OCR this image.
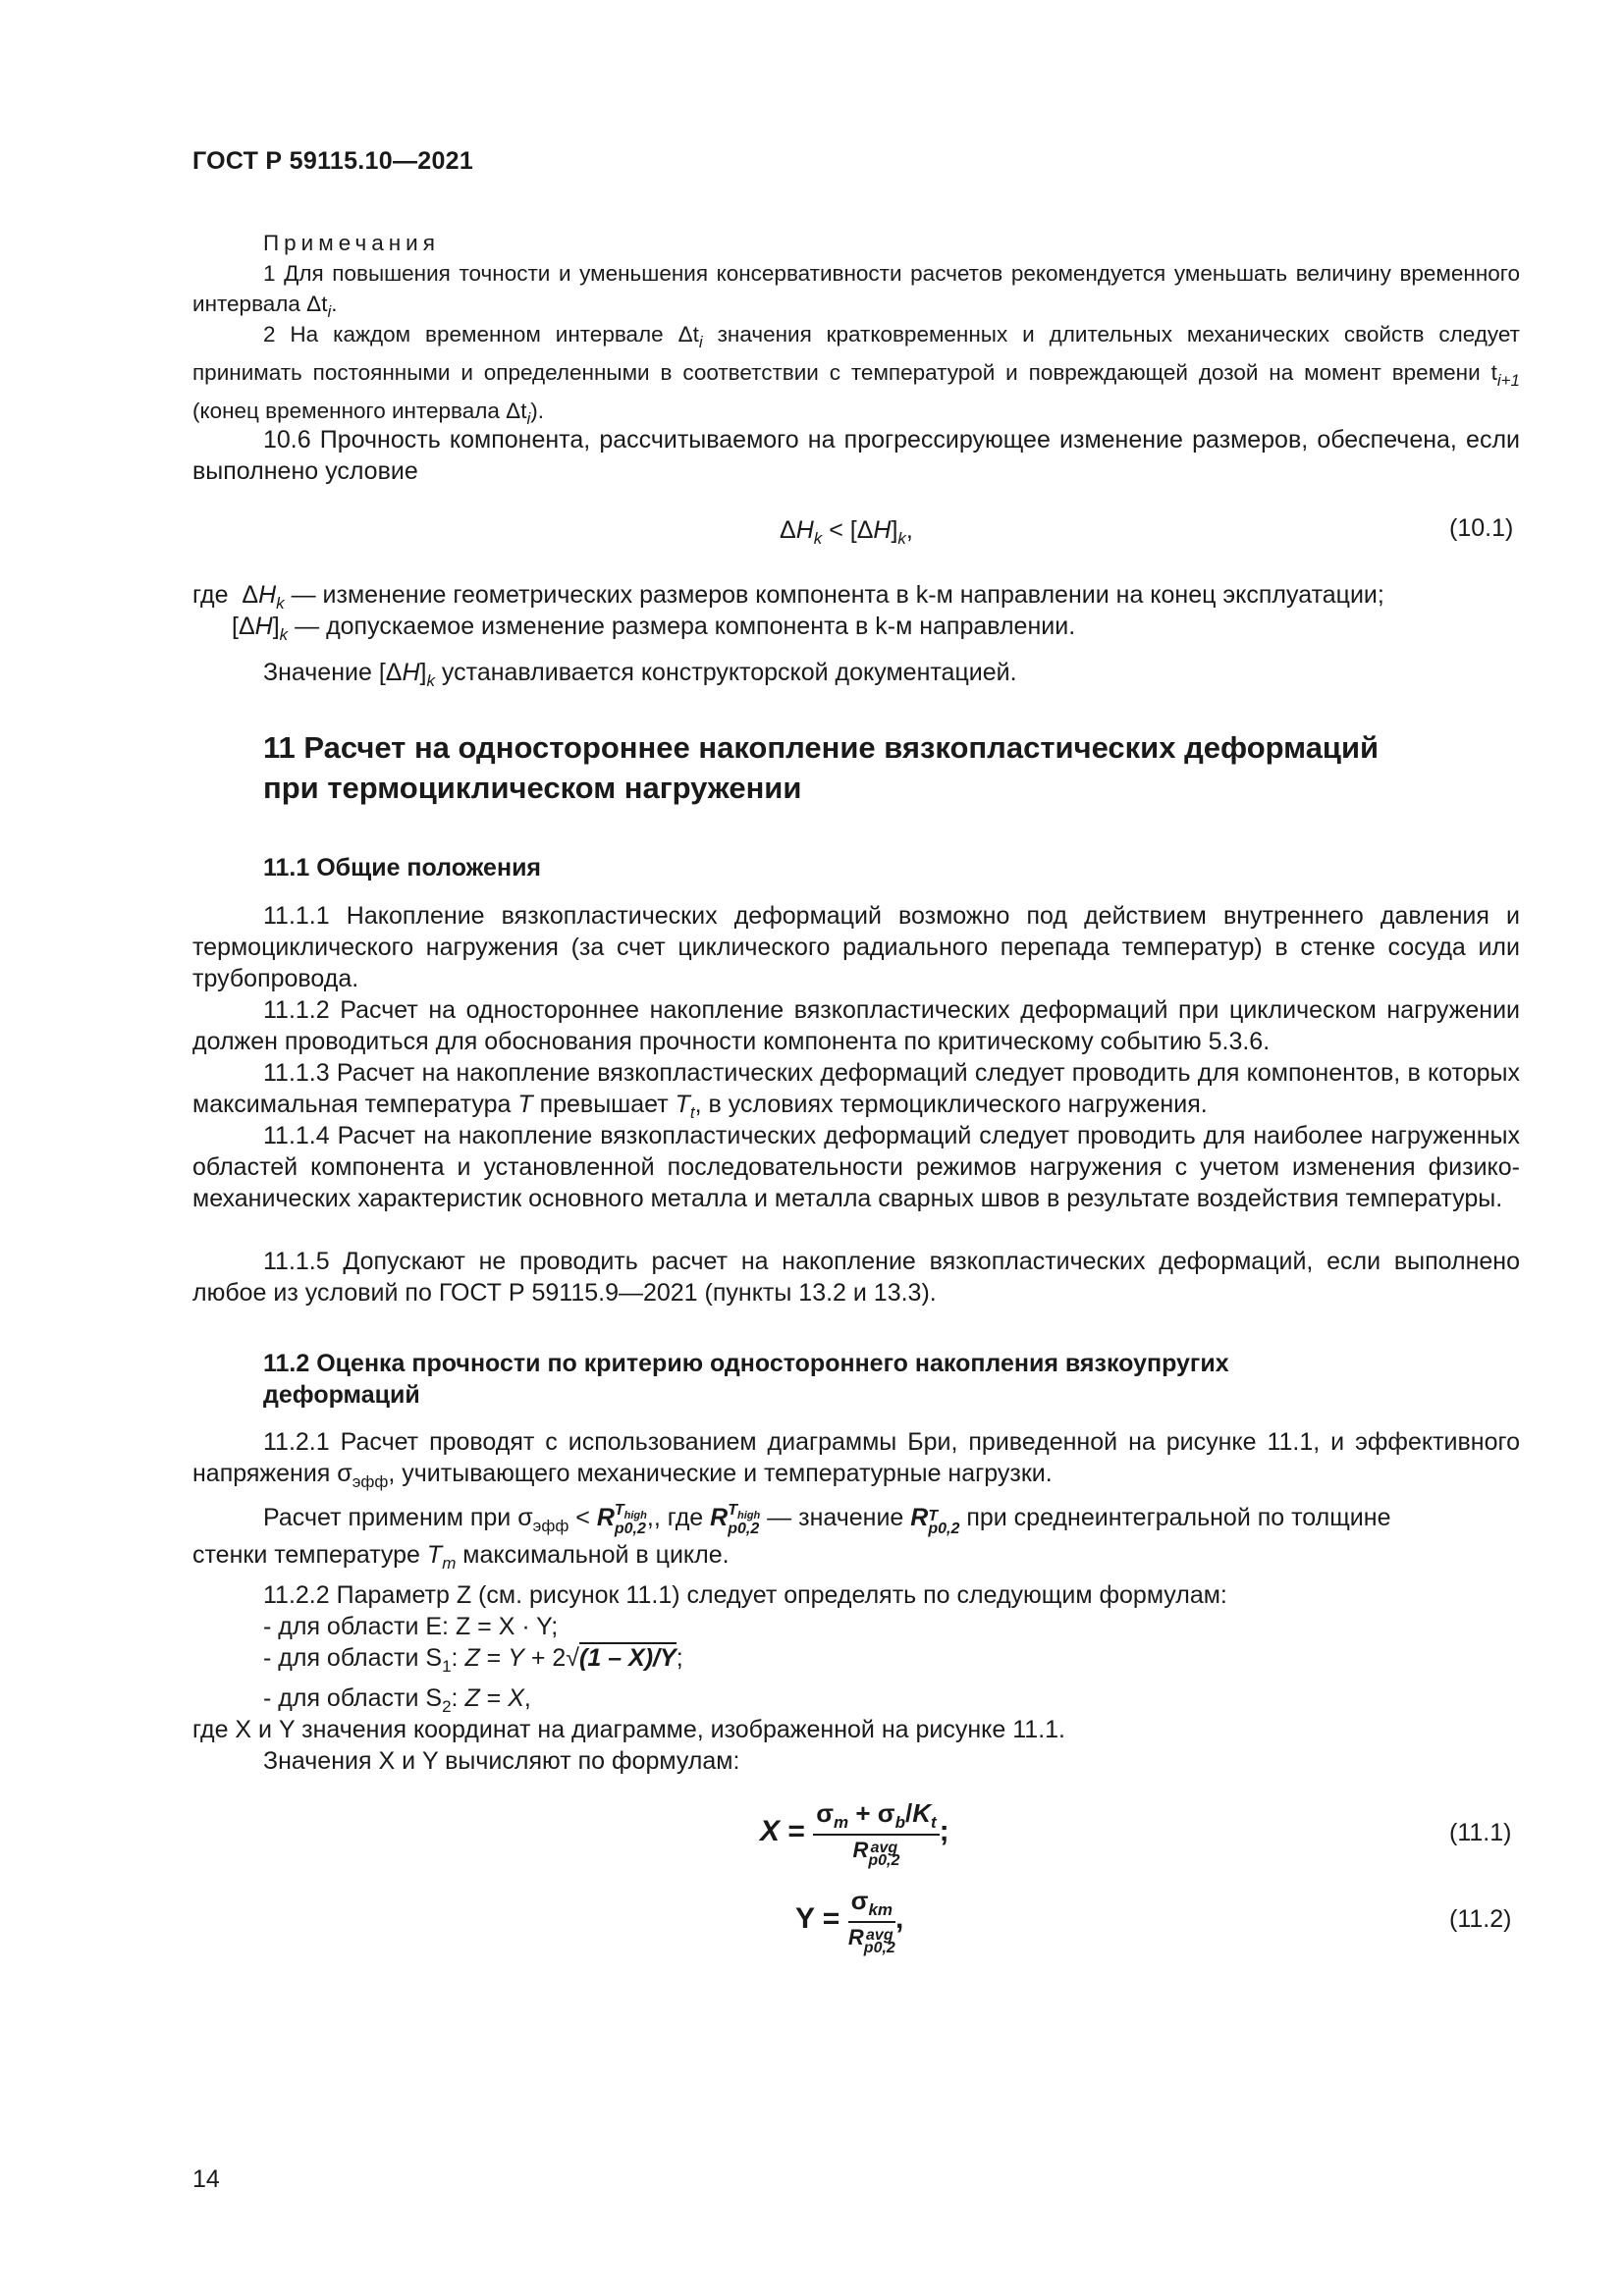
ГОСТ Р 59115.10—2021
Примечания
1 Для повышения точности и уменьшения консервативности расчетов рекомендуется уменьшать величину временного интервала $\Delta t_i$.
2 На каждом временном интервале $\Delta t_i$ значения кратковременных и длительных механических свойств следует принимать постоянными и определенными в соответствии с температурой и повреждающей дозой на момент времени $t_{i+1}$ (конец временного интервала $\Delta t_i$).
10.6 Прочность компонента, рассчитываемого на прогрессирующее изменение размеров, обеспечена, если выполнено условие
$\Delta H_k < [\Delta H]_k$,	(10.1)
где  $\Delta H_k$ — изменение геометрических размеров компонента в k-м направлении на конец эксплуатации;
$[\Delta H]_k$ — допускаемое изменение размера компонента в k-м направлении.
Значение $[\Delta H]_k$ устанавливается конструкторской документацией.
11 Расчет на одностороннее накопление вязкопластических деформаций
при термоциклическом нагружении
11.1 Общие положения
11.1.1 Накопление вязкопластических деформаций возможно под действием внутреннего давления и термоциклического нагружения (за счет циклического радиального перепада температур) в стенке сосуда или трубопровода.
11.1.2 Расчет на одностороннее накопление вязкопластических деформаций при циклическом нагружении должен проводиться для обоснования прочности компонента по критическому событию 5.3.6.
11.1.3 Расчет на накопление вязкопластических деформаций следует проводить для компонентов, в которых максимальная температура T превышает $T_t$, в условиях термоциклического нагружения.
11.1.4 Расчет на накопление вязкопластических деформаций следует проводить для наиболее нагруженных областей компонента и установленной последовательности режимов нагружения с учетом изменения физико-механических характеристик основного металла и металла сварных швов в результате воздействия температуры.
11.1.5 Допускают не проводить расчет на накопление вязкопластических деформаций, если выполнено любое из условий по ГОСТ Р 59115.9—2021 (пункты 13.2 и 13.3).
11.2 Оценка прочности по критерию одностороннего накопления вязкоупругих
деформаций
11.2.1 Расчет проводят с использованием диаграммы Бри, приведенной на рисунке 11.1, и эффективного напряжения $\sigma_{эфф}$, учитывающего механические и температурные нагрузки.
Расчет применим при $\sigma_{эфф} < RT_{high}$
p0,2,, где $RT_{high}$
p0,2 — значение RT
p0,2 при среднеинтегральной по толщине
стенки температуре $T_m$ максимальной в цикле.
11.2.2 Параметр Z (см. рисунок 11.1) следует определять по следующим формулам:
- для области E: Z = X · Y;
- для области $S_1$: Z = Y + 2√(1 – X)/Y;
- для области $S_2$: Z = X,
где X и Y значения координат на диаграмме, изображенной на рисунке 11.1.
Значения X и Y вычисляют по формулам:
X =
$\sigma_m + \sigma_b/K_t$
R avg
p0,2
;	(11.1)
Y =
$\sigma_{km}$
R avg
p0,2
,	(11.2)
14
